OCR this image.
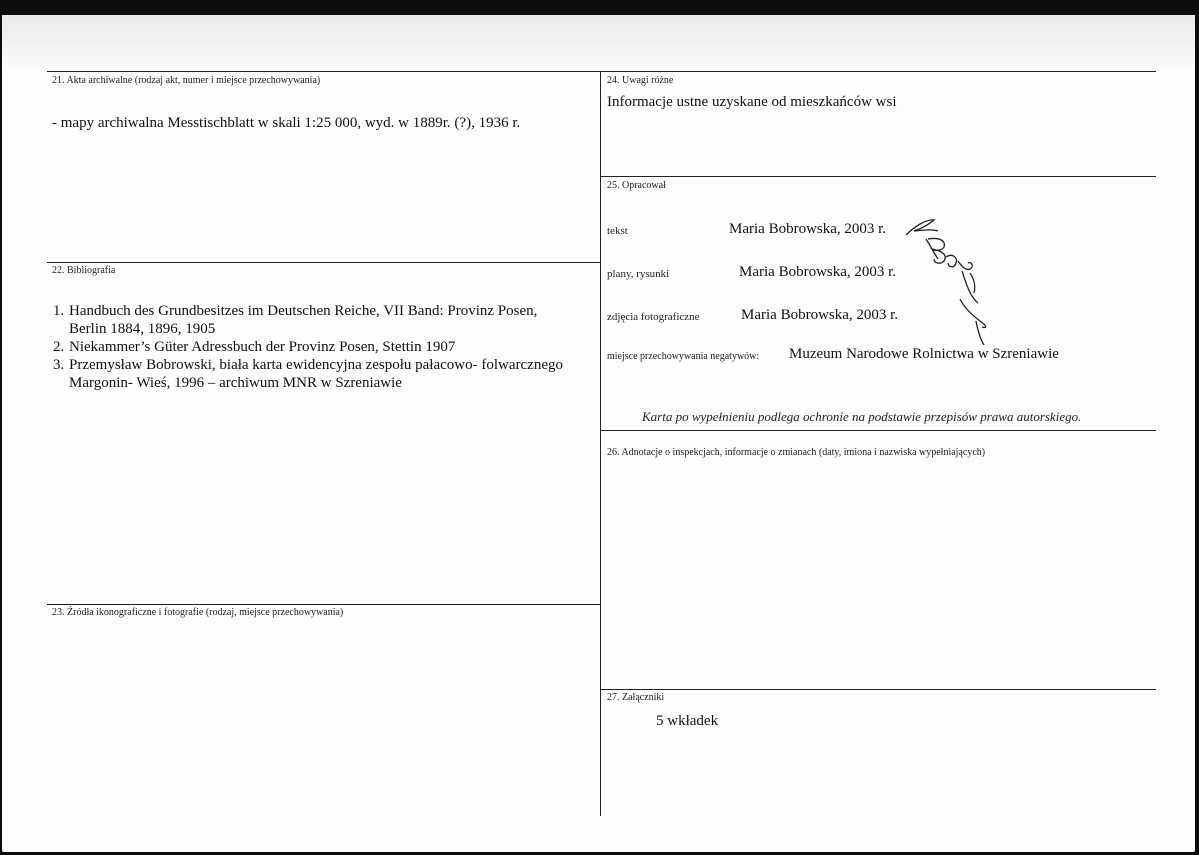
21. Akta archiwalne (rodzaj akt, numer i miejsce przechowywania)
- mapy archiwalna Messtischblatt w skali 1:25 000, wyd. w 1889r. (?), 1936 r.
22. Bibliografia
1. Handbuch des Grundbesitzes im Deutschen Reiche, VII Band: Provinz Posen,
Berlin 1884, 1896, 1905
2. Niekammer’s Güter Adressbuch der Provinz Posen, Stettin 1907
3. Przemysław Bobrowski, biała karta ewidencyjna zespołu pałacowo- folwarcznego
Margonin- Wieś, 1996 – archiwum MNR w Szreniawie
23. Źródła ikonograficzne i fotografie (rodzaj, miejsce przechowywania)
24. Uwagi różne
Informacje ustne uzyskane od mieszkańców wsi
25. Opracował
tekst	Maria Bobrowska, 2003 r.
plany, rysunki	Maria Bobrowska, 2003 r.
zdjęcia fotograficzne	Maria Bobrowska, 2003 r.
miejsce przechowywania negatywów: Muzeum Narodowe Rolnictwa w Szreniawie
Karta po wypełnieniu podlega ochronie na podstawie przepisów prawa autorskiego.
26. Adnotacje o inspekcjach, informacje o zmianach (daty, imiona i nazwiska wypełniających)
27. Załączniki
5 wkładek
